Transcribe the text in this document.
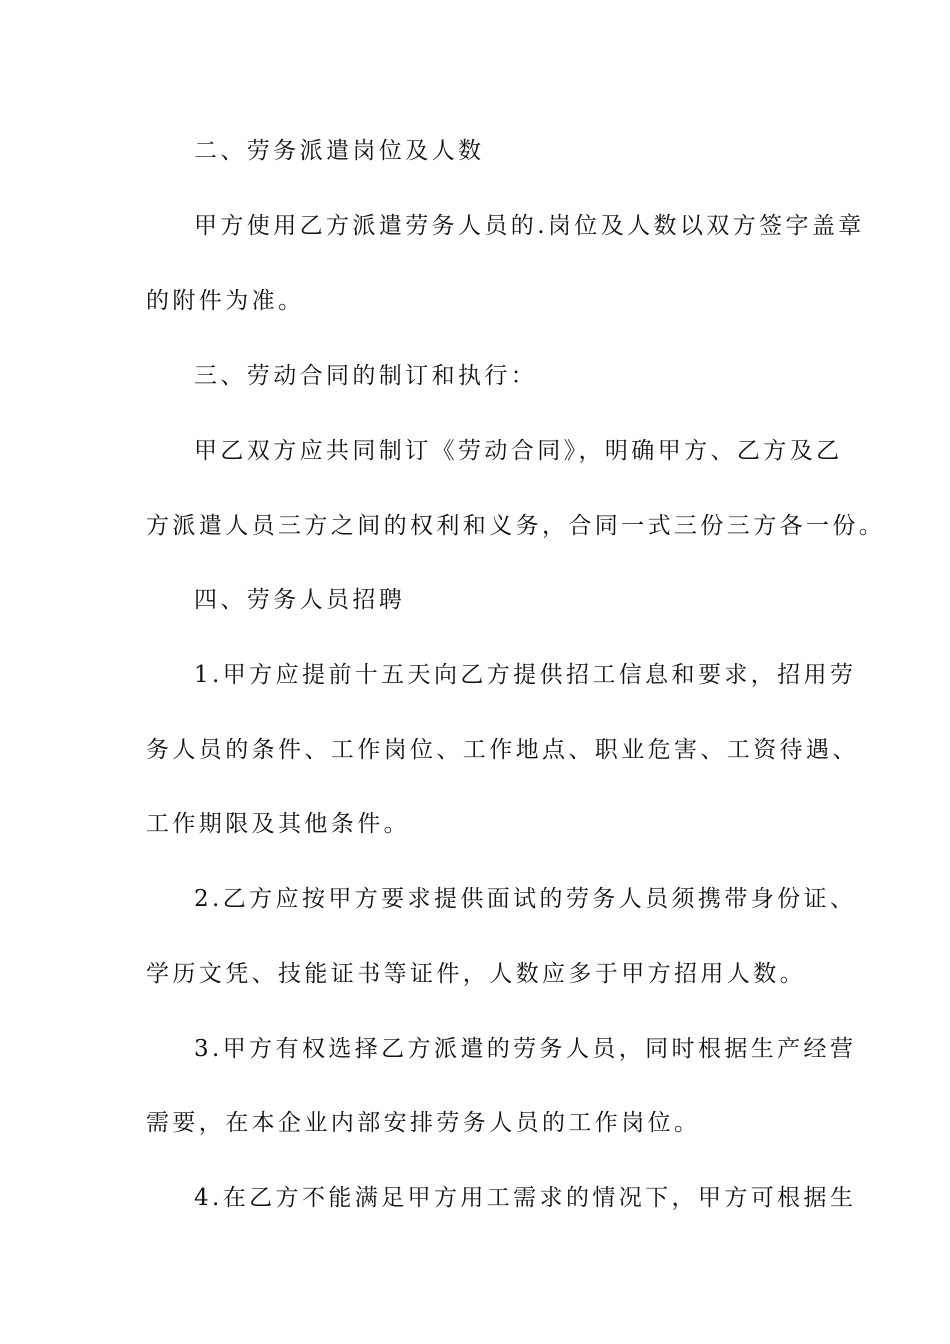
二、劳务派遣岗位及人数
甲方使用乙方派遣劳务人员的.岗位及人数以双方签字盖章
的附件为准。
三、劳动合同的制订和执行：
甲乙双方应共同制订《劳动合同》，明确甲方、乙方及乙
方派遣人员三方之间的权利和义务，合同一式三份三方各一份。
四、劳务人员招聘
1.甲方应提前十五天向乙方提供招工信息和要求，招用劳
务人员的条件、工作岗位、工作地点、职业危害、工资待遇、
工作期限及其他条件。
2.乙方应按甲方要求提供面试的劳务人员须携带身份证、
学历文凭、技能证书等证件，人数应多于甲方招用人数。
3.甲方有权选择乙方派遣的劳务人员，同时根据生产经营
需要，在本企业内部安排劳务人员的工作岗位。
4.在乙方不能满足甲方用工需求的情况下，甲方可根据生
